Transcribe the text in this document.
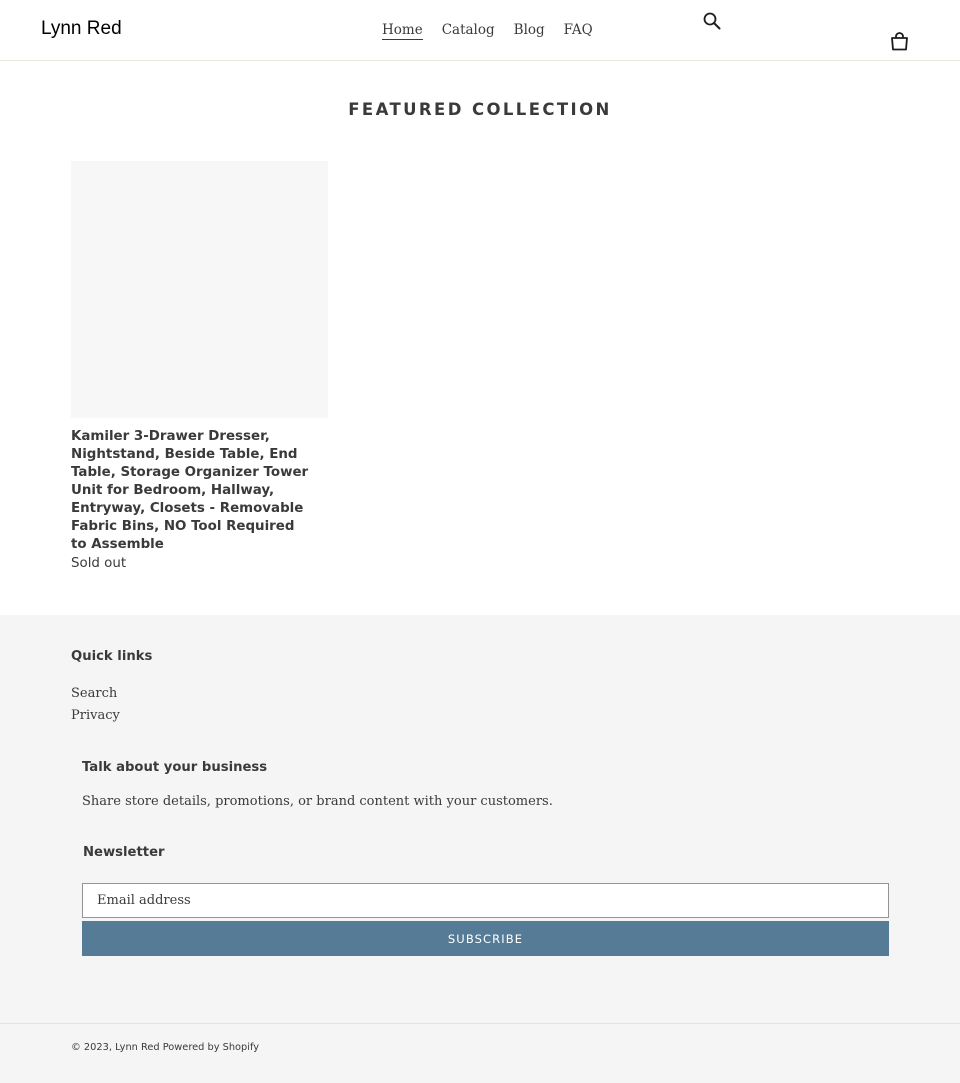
Lynn Red	Home Catalog Blog FAQ
FEATURED COLLECTION
Kamiler 3-Drawer Dresser, Nightstand, Beside Table, End Table, Storage Organizer Tower Unit for Bedroom, Hallway, Entryway, Closets - Removable Fabric Bins, NO Tool Required to Assemble
Sold out
Quick links
Search
Privacy
Talk about your business

Share store details, promotions, or brand content with your customers.

Newsletter
Email address
SUBSCRIBE
© 2023, Lynn Red Powered by Shopify
